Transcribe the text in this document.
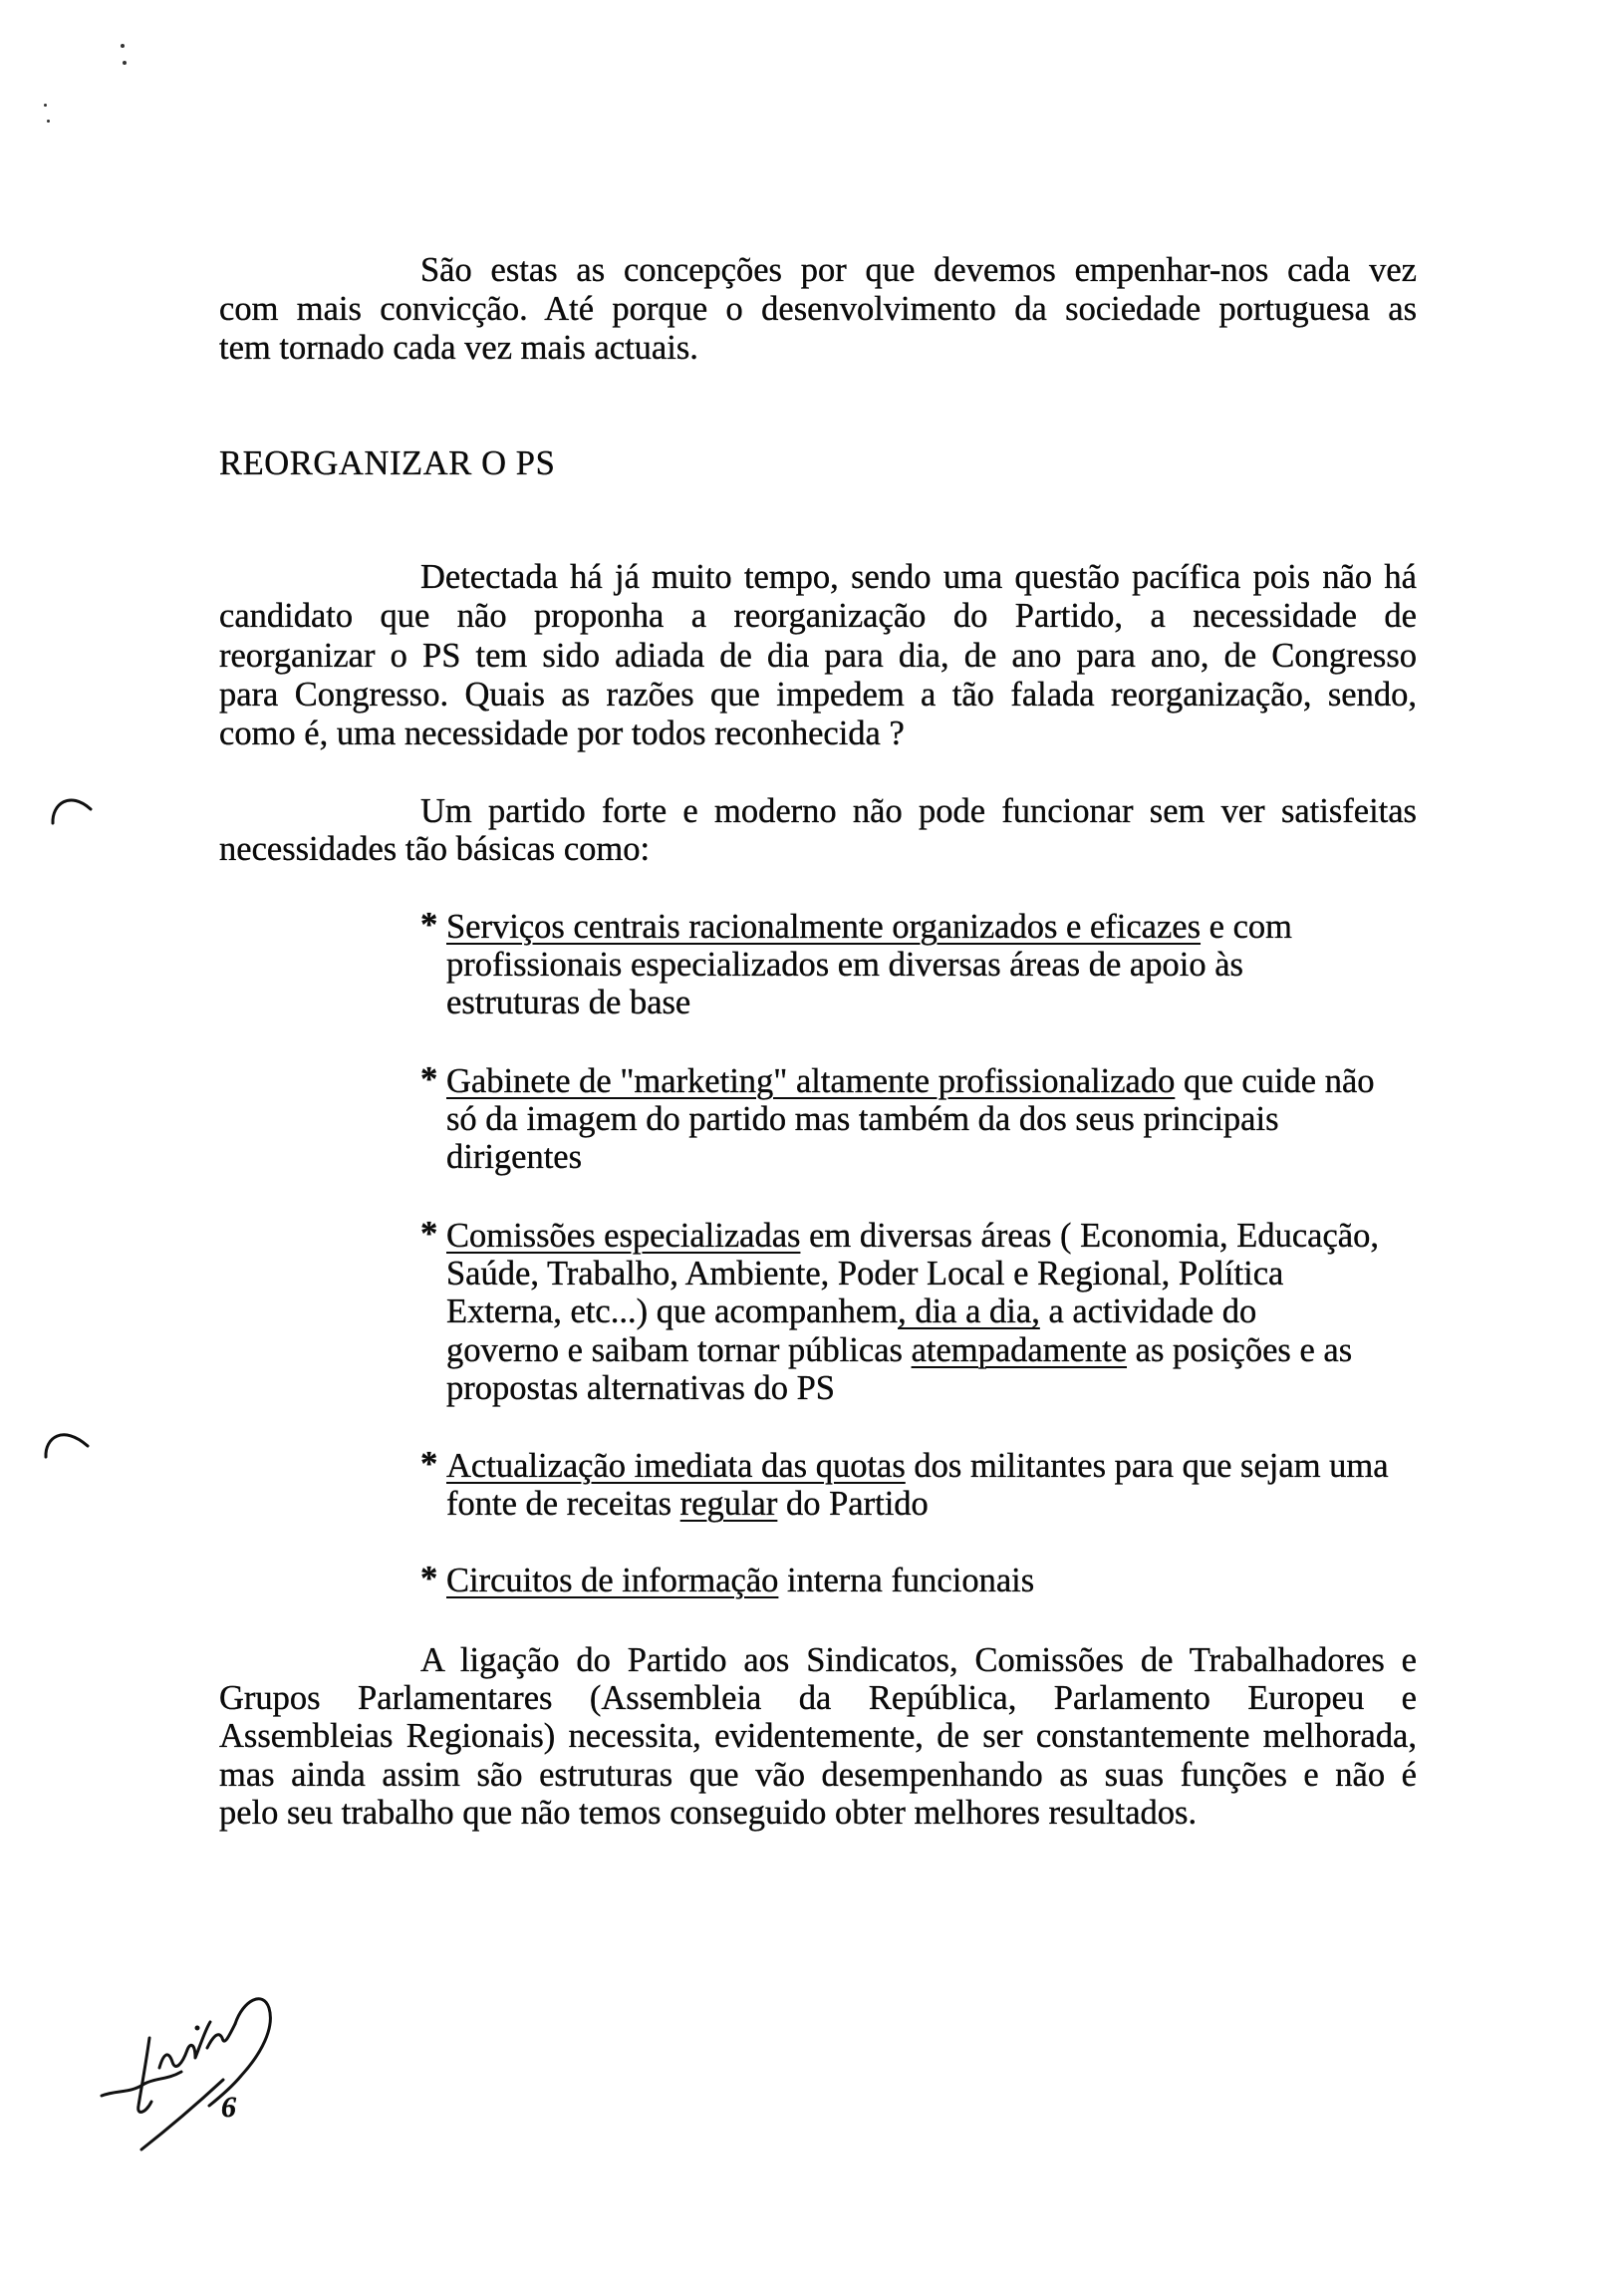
São estas as concepções por que devemos empenhar-nos cada vez
com mais convicção. Até porque o desenvolvimento da sociedade portuguesa as
tem tornado cada vez mais actuais.
REORGANIZAR O PS
Detectada há já muito tempo, sendo uma questão pacífica pois não há
candidato que não proponha a reorganização do Partido, a necessidade de
reorganizar o PS tem sido adiada de dia para dia, de ano para ano, de Congresso
para Congresso. Quais as razões que impedem a tão falada reorganização, sendo,
como é, uma necessidade por todos reconhecida ?
Um partido forte e moderno não pode funcionar sem ver satisfeitas
necessidades tão básicas como:
* Serviços centrais racionalmente organizados e eficazes e com
profissionais especializados em diversas áreas de apoio às
estruturas de base
* Gabinete de "marketing" altamente profissionalizado que cuide não
só da imagem do partido mas também da dos seus principais
dirigentes
* Comissões especializadas em diversas áreas ( Economia, Educação,
Saúde, Trabalho, Ambiente, Poder Local e Regional, Política
Externa, etc...) que acompanhem, dia a dia, a actividade do
governo e saibam tornar públicas atempadamente as posições e as
propostas alternativas do PS
* Actualização imediata das quotas dos militantes para que sejam uma
fonte de receitas regular do Partido
* Circuitos de informação interna funcionais
A ligação do Partido aos Sindicatos, Comissões de Trabalhadores e
Grupos Parlamentares (Assembleia da República, Parlamento Europeu e
Assembleias Regionais) necessita, evidentemente, de ser constantemente melhorada,
mas ainda assim são estruturas que vão desempenhando as suas funções e não é
pelo seu trabalho que não temos conseguido obter melhores resultados.
6
